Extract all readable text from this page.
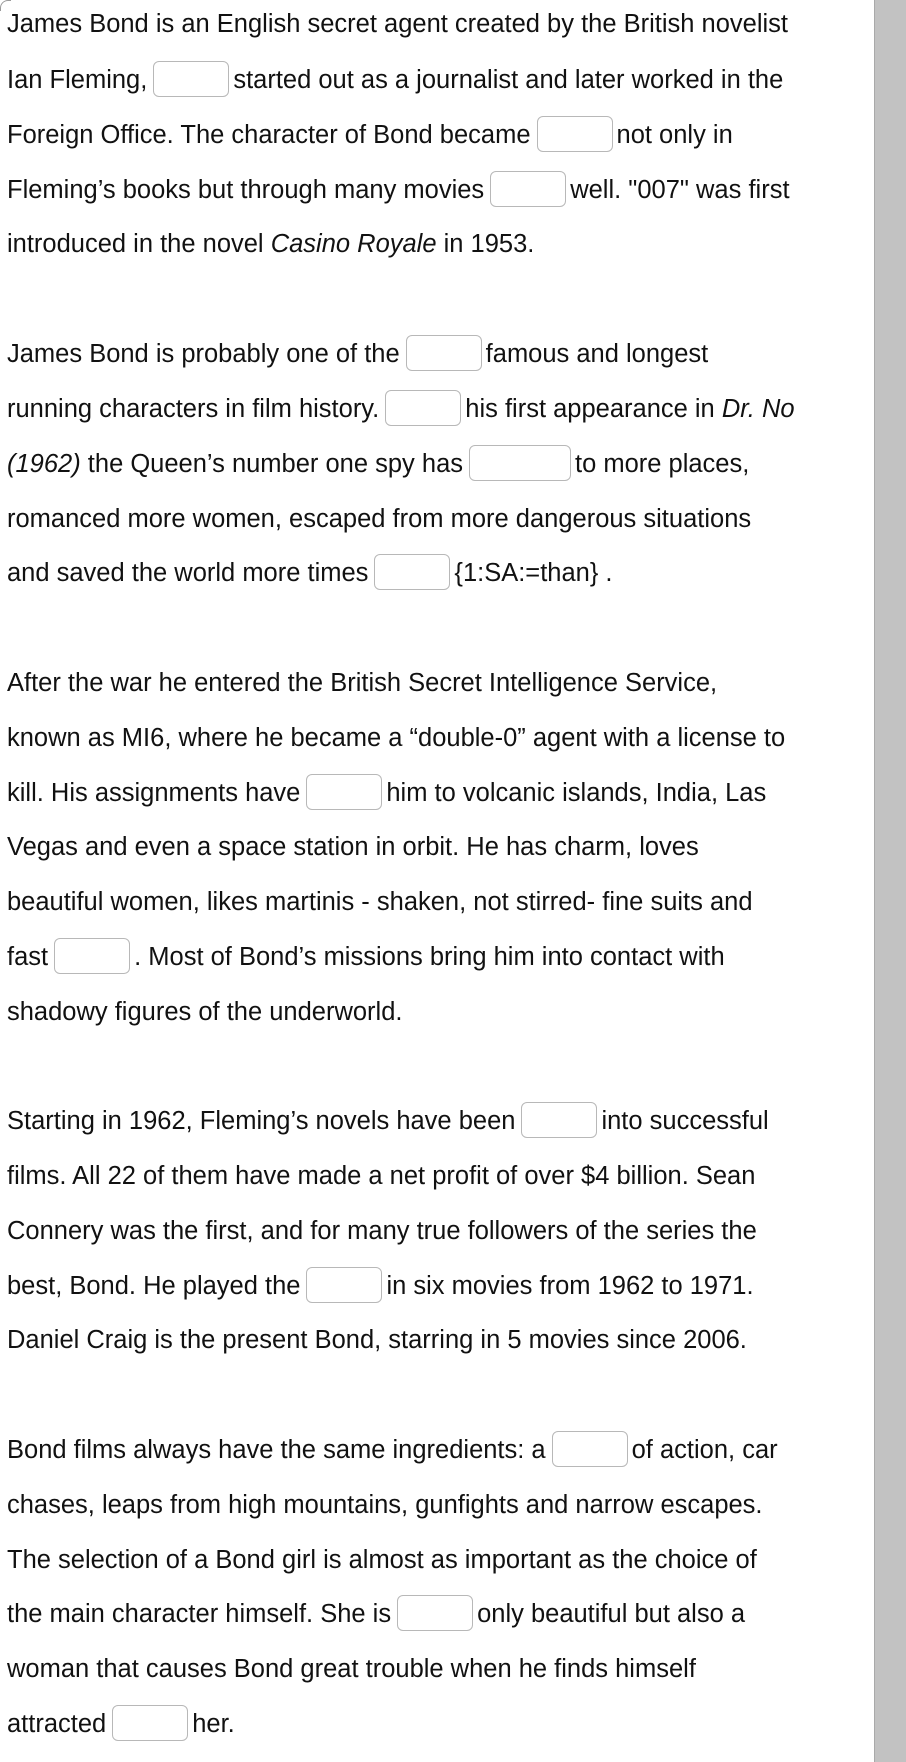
James Bond is an English secret agent created by the British novelist
Ian Fleming,	started out as a journalist and later worked in the
Foreign Office. The character of Bond became	not only in
Fleming’s books but through many movies	well. "007" was first
introduced in the novel Casino Royale in 1953.
James Bond is probably one of the	famous and longest
running characters in film history.	his first appearance in Dr. No
(1962) the Queen’s number one spy has	to more places,
romanced more women, escaped from more dangerous situations
and saved the world more times	{1:SA:=than} .
After the war he entered the British Secret Intelligence Service,
known as MI6, where he became a “double-0” agent with a license to
kill. His assignments have	him to volcanic islands, India, Las
Vegas and even a space station in orbit. He has charm, loves
beautiful women, likes martinis - shaken, not stirred- fine suits and
fast	. Most of Bond’s missions bring him into contact with
shadowy figures of the underworld.
Starting in 1962, Fleming’s novels have been	into successful
films. All 22 of them have made a net profit of over $4 billion. Sean
Connery was the first, and for many true followers of the series the
best, Bond. He played the	in six movies from 1962 to 1971.
Daniel Craig is the present Bond, starring in 5 movies since 2006.
Bond films always have the same ingredients: a	of action, car
chases, leaps from high mountains, gunfights and narrow escapes.
The selection of a Bond girl is almost as important as the choice of
the main character himself. She is	only beautiful but also a
woman that causes Bond great trouble when he finds himself
attracted	her.
